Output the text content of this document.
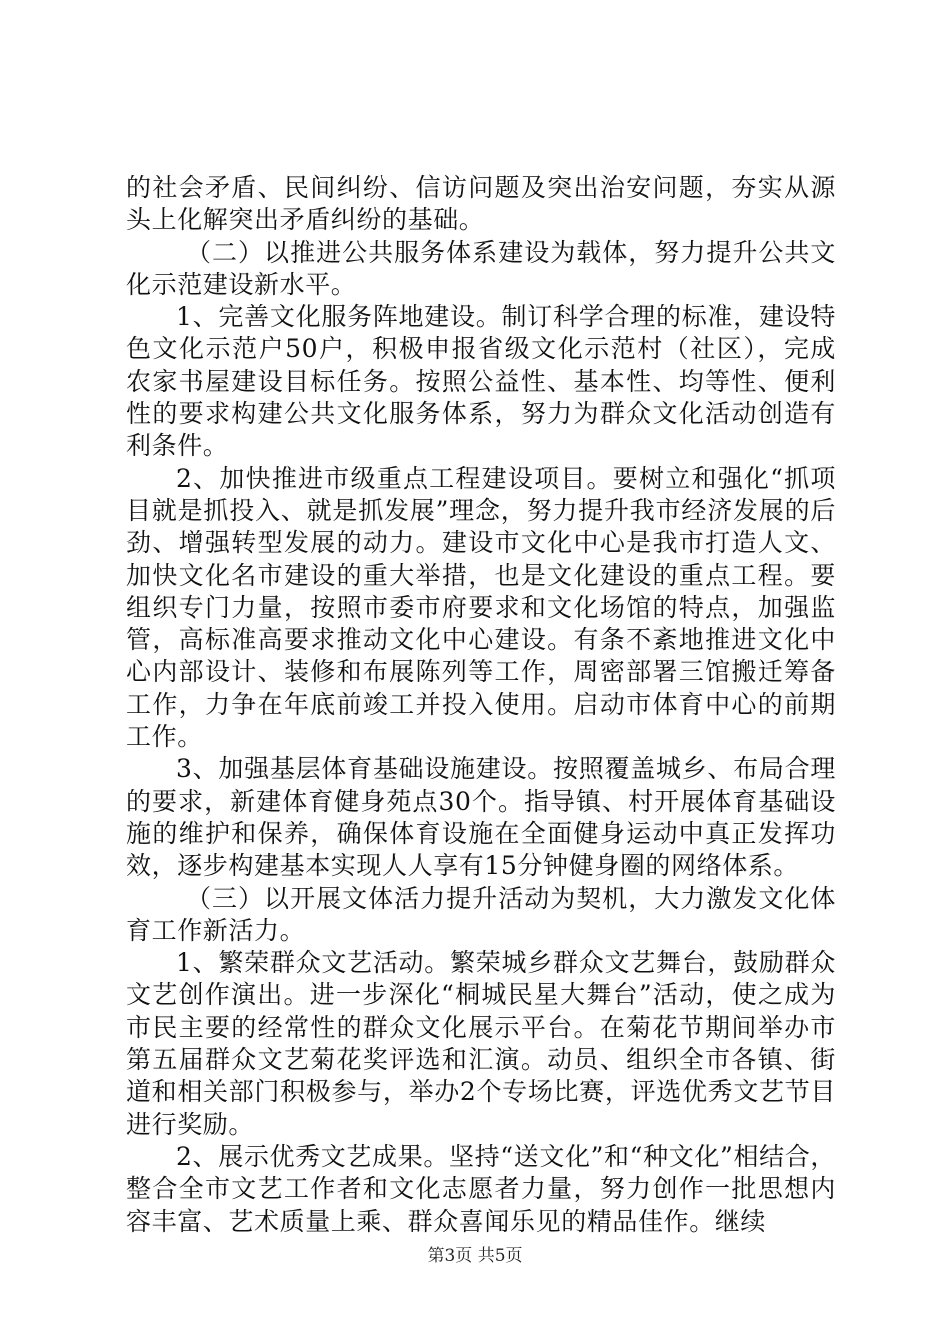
的社会矛盾、民间纠纷、信访问题及突出治安问题，夯实从源头上化解突出矛盾纠纷的基础。

（二）以推进公共服务体系建设为载体，努力提升公共文化示范建设新水平。

1、完善文化服务阵地建设。制订科学合理的标准，建设特色文化示范户50户，积极申报省级文化示范村（社区），完成农家书屋建设目标任务。按照公益性、基本性、均等性、便利性的要求构建公共文化服务体系，努力为群众文化活动创造有利条件。

2、加快推进市级重点工程建设项目。要树立和强化“抓项目就是抓投入、就是抓发展”理念，努力提升我市经济发展的后劲、增强转型发展的动力。建设市文化中心是我市打造人文、加快文化名市建设的重大举措，也是文化建设的重点工程。要组织专门力量，按照市委市府要求和文化场馆的特点，加强监管，高标准高要求推动文化中心建设。有条不紊地推进文化中心内部设计、装修和布展陈列等工作，周密部署三馆搬迁筹备工作，力争在年底前竣工并投入使用。启动市体育中心的前期工作。

3、加强基层体育基础设施建设。按照覆盖城乡、布局合理的要求，新建体育健身苑点30个。指导镇、村开展体育基础设施的维护和保养，确保体育设施在全面健身运动中真正发挥功效，逐步构建基本实现人人享有15分钟健身圈的网络体系。

（三）以开展文体活力提升活动为契机，大力激发文化体育工作新活力。

1、繁荣群众文艺活动。繁荣城乡群众文艺舞台，鼓励群众文艺创作演出。进一步深化“桐城民星大舞台”活动，使之成为市民主要的经常性的群众文化展示平台。在菊花节期间举办市第五届群众文艺菊花奖评选和汇演。动员、组织全市各镇、街道和相关部门积极参与，举办2个专场比赛，评选优秀文艺节目进行奖励。

2、展示优秀文艺成果。坚持“送文化”和“种文化”相结合，整合全市文艺工作者和文化志愿者力量，努力创作一批思想内容丰富、艺术质量上乘、群众喜闻乐见的精品佳作。继续

第3页 共5页
